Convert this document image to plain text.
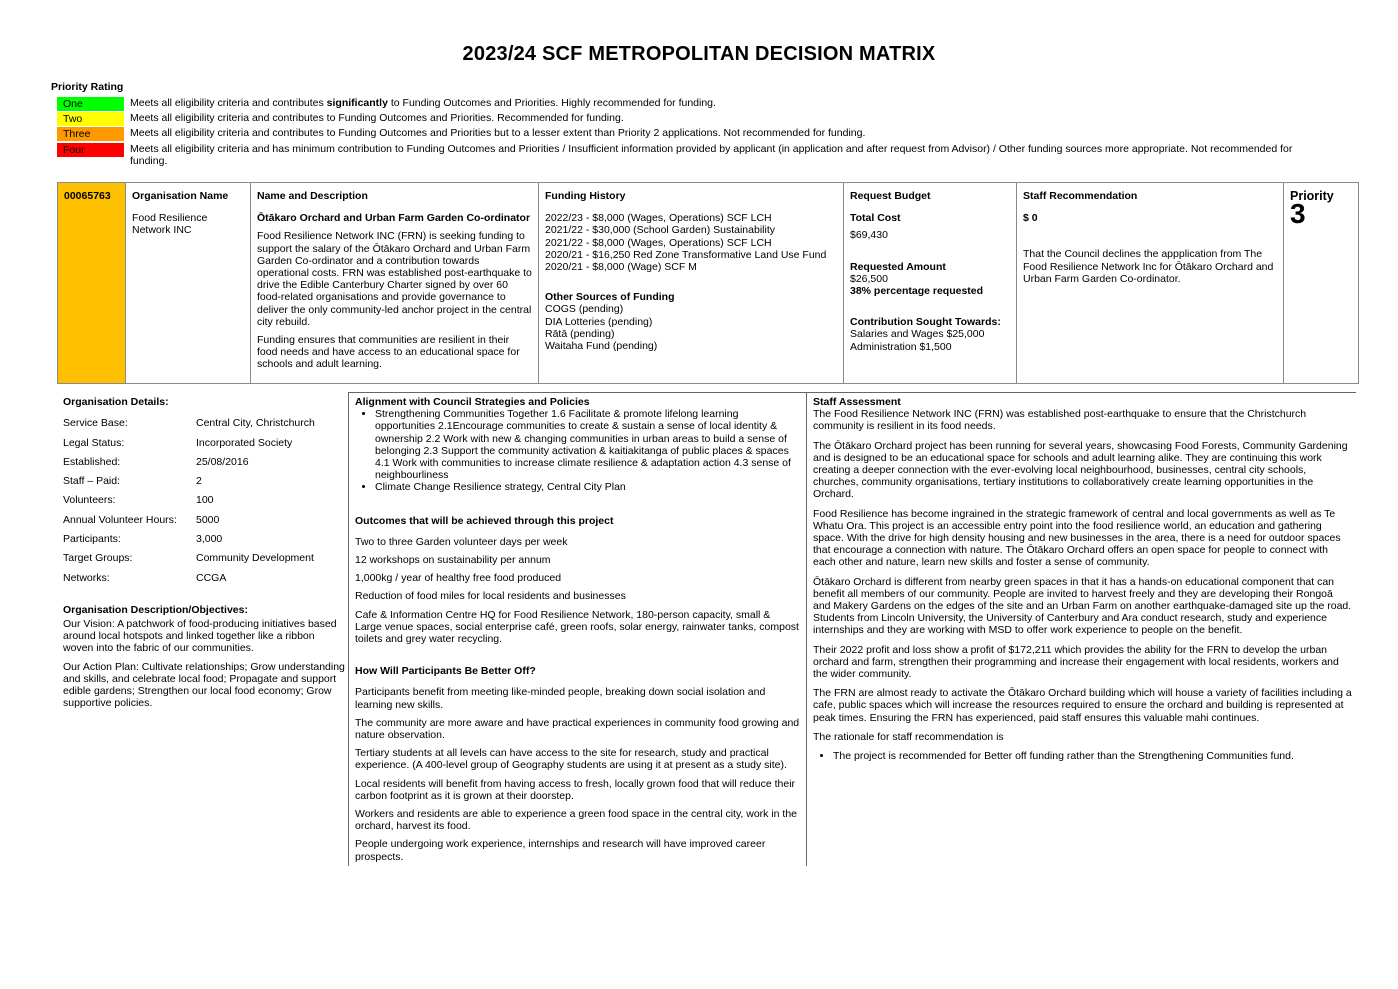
2023/24 SCF METROPOLITAN DECISION MATRIX
Priority Rating
One	Meets all eligibility criteria and contributes significantly to Funding Outcomes and Priorities. Highly recommended for funding.
Two	Meets all eligibility criteria and contributes to Funding Outcomes and Priorities. Recommended for funding.
Three	Meets all eligibility criteria and contributes to Funding Outcomes and Priorities but to a lesser extent than Priority 2 applications. Not recommended for funding.
Four	Meets all eligibility criteria and has minimum contribution to Funding Outcomes and Priorities / Insufficient information provided by applicant (in application and after request from Advisor) / Other funding sources more appropriate. Not recommended for funding.
00065763	Organisation Name
Food Resilience Network INC

Name and Description
Ōtākaro Orchard and Urban Farm Garden Co-ordinator
Food Resilience Network INC (FRN) is seeking funding to support the salary of the Ōtākaro Orchard and Urban Farm Garden Co-ordinator and a contribution towards operational costs. FRN was established post-earthquake to drive the Edible Canterbury Charter signed by over 60 food-related organisations and provide governance to deliver the only community-led anchor project in the central city rebuild.
Funding ensures that communities are resilient in their food needs and have access to an educational space for schools and adult learning.

Funding History
2022/23 - $8,000 (Wages, Operations) SCF LCH
2021/22 - $30,000 (School Garden) Sustainability
2021/22 - $8,000 (Wages, Operations) SCF LCH
2020/21 - $16,250 Red Zone Transformative Land Use Fund
2020/21 - $8,000 (Wage) SCF M
Other Sources of Funding
COGS (pending)
DIA Lotteries (pending)
Rātā (pending)
Waitaha Fund (pending)

Request Budget
Total Cost
$69,430
Requested Amount
$26,500
38% percentage requested
Contribution Sought Towards:
Salaries and Wages $25,000
Administration $1,500

Staff Recommendation
$ 0
That the Council declines the appplication from The Food Resilience Network Inc for Ōtākaro Orchard and Urban Farm Garden Co-ordinator.

Priority
3
Organisation Details:
Service Base:	Central City, Christchurch
Legal Status:	Incorporated Society
Established:	25/08/2016
Staff – Paid:	2
Volunteers:	100
Annual Volunteer Hours:	5000
Participants:	3,000
Target Groups:	Community Development
Networks:	CCGA
Organisation Description/Objectives:
Our Vision: A patchwork of food-producing initiatives based around local hotspots and linked together like a ribbon woven into the fabric of our communities.
Our Action Plan: Cultivate relationships; Grow understanding and skills, and celebrate local food; Propagate and support edible gardens; Strengthen our local food economy; Grow supportive policies.
Alignment with Council Strategies and Policies
• Strengthening Communities Together 1.6 Facilitate & promote lifelong learning opportunities 2.1Encourage communities to create & sustain a sense of local identity & ownership 2.2 Work with new & changing communities in urban areas to build a sense of belonging 2.3 Support the community activation & kaitiakitanga of public places & spaces 4.1 Work with communities to increase climate resilience & adaptation action 4.3 sense of neighbourliness
• Climate Change Resilience strategy, Central City Plan
Outcomes that will be achieved through this project
Two to three Garden volunteer days per week
12 workshops on sustainability per annum
1,000kg / year of healthy free food produced
Reduction of food miles for local residents and businesses
Cafe & Information Centre HQ for Food Resilience Network, 180-person capacity, small & Large venue spaces, social enterprise café, green roofs, solar energy, rainwater tanks, compost toilets and grey water recycling.
How Will Participants Be Better Off?
Participants benefit from meeting like-minded people, breaking down social isolation and learning new skills.
The community are more aware and have practical experiences in community food growing and nature observation.
Tertiary students at all levels can have access to the site for research, study and practical experience. (A 400-level group of Geography students are using it at present as a study site).
Local residents will benefit from having access to fresh, locally grown food that will reduce their carbon footprint as it is grown at their doorstep.
Workers and residents are able to experience a green food space in the central city, work in the orchard, harvest its food.
People undergoing work experience, internships and research will have improved career prospects.
Staff Assessment
The Food Resilience Network INC (FRN) was established post-earthquake to ensure that the Christchurch community is resilient in its food needs.
The Ōtākaro Orchard project has been running for several years, showcasing Food Forests, Community Gardening and is designed to be an educational space for schools and adult learning alike. They are continuing this work creating a deeper connection with the ever-evolving local neighbourhood, businesses, central city schools, churches, community organisations, tertiary institutions to collaboratively create learning opportunities in the Orchard.
Food Resilience has become ingrained in the strategic framework of central and local governments as well as Te Whatu Ora. This project is an accessible entry point into the food resilience world, an education and gathering space. With the drive for high density housing and new businesses in the area, there is a need for outdoor spaces that encourage a connection with nature. The Ōtākaro Orchard offers an open space for people to connect with each other and nature, learn new skills and foster a sense of community.
Ōtākaro Orchard is different from nearby green spaces in that it has a hands-on educational component that can benefit all members of our community. People are invited to harvest freely and they are developing their Rongoā and Makery Gardens on the edges of the site and an Urban Farm on another earthquake-damaged site up the road. Students from Lincoln University, the University of Canterbury and Ara conduct research, study and experience internships and they are working with MSD to offer work experience to people on the benefit.
Their 2022 profit and loss show a profit of $172,211 which provides the ability for the FRN to develop the urban orchard and farm, strengthen their programming and increase their engagement with local residents, workers and the wider community.
The FRN are almost ready to activate the Ōtākaro Orchard building which will house a variety of facilities including a cafe, public spaces which will increase the resources required to ensure the orchard and building is represented at peak times. Ensuring the FRN has experienced, paid staff ensures this valuable mahi continues.
The rationale for staff recommendation is
• The project is recommended for Better off funding rather than the Strengthening Communities fund.
